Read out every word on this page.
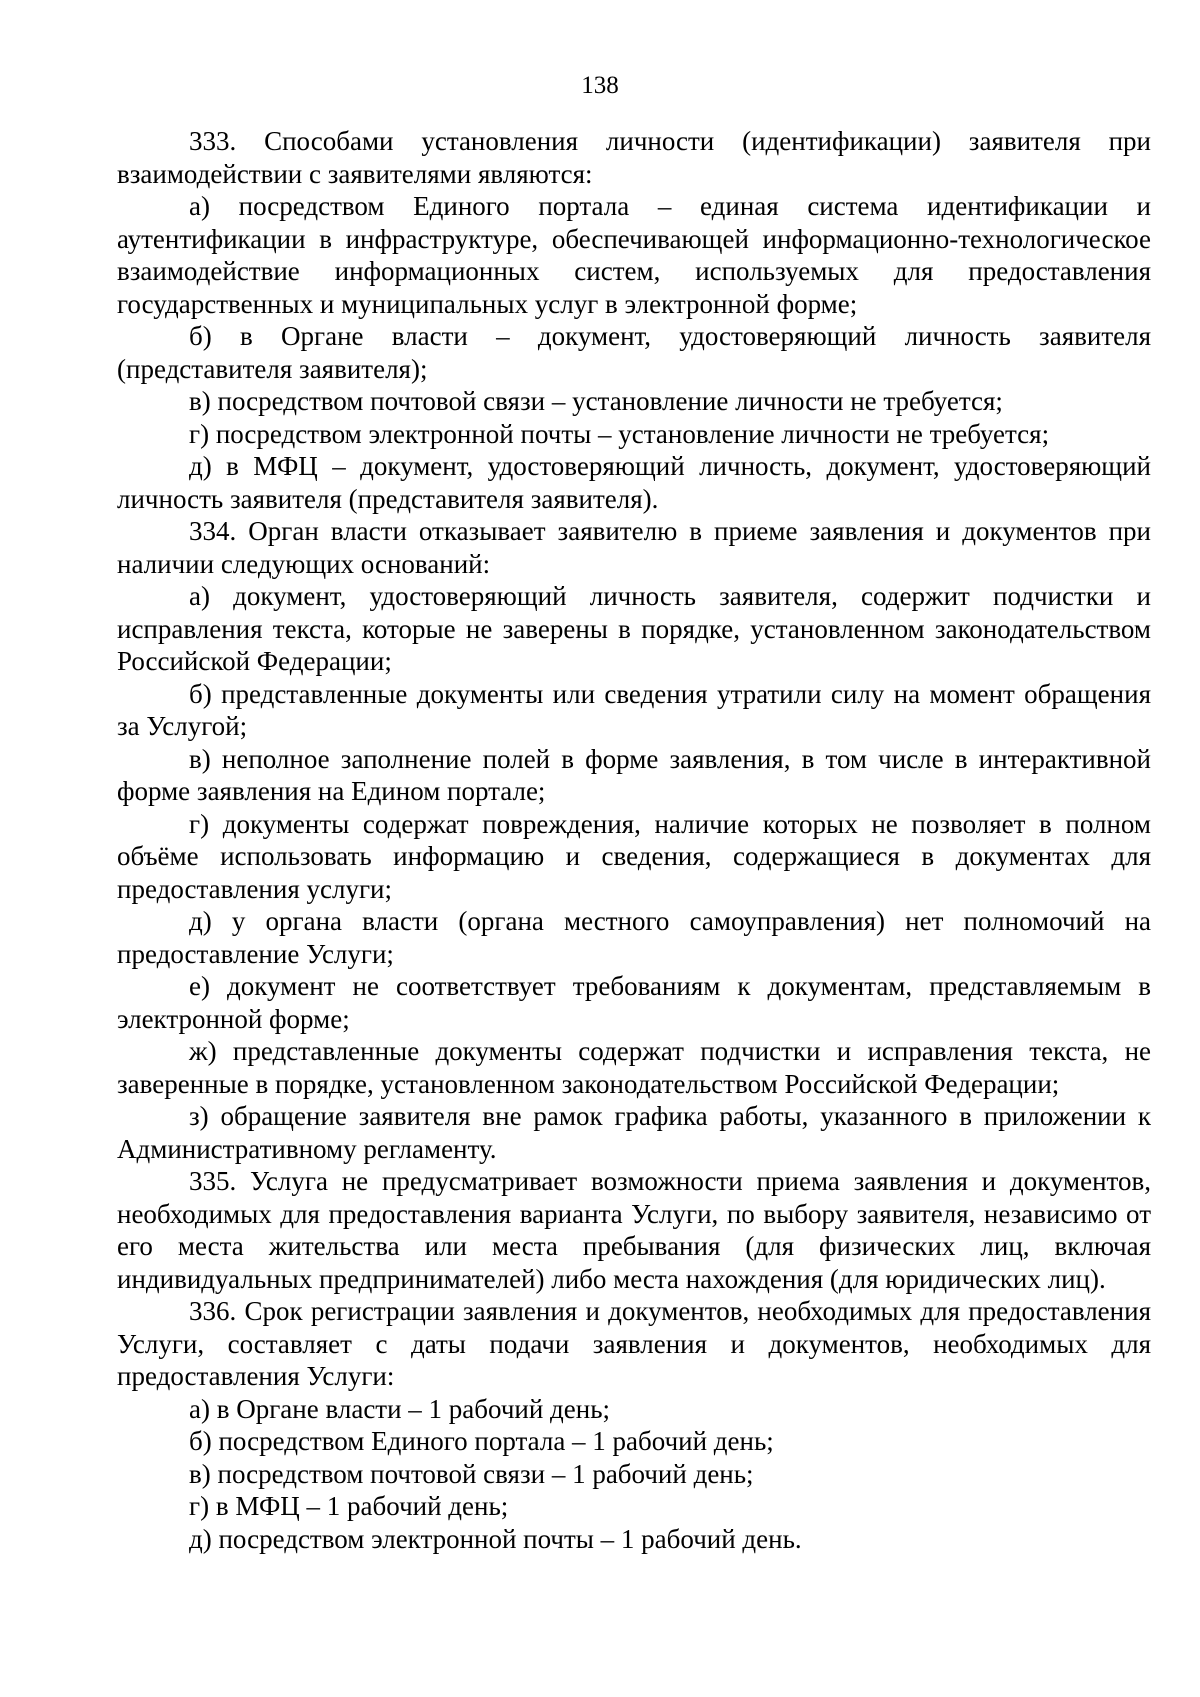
138

333. Способами установления личности (идентификации) заявителя при взаимодействии с заявителями являются:

а) посредством Единого портала – единая система идентификации и аутентификации в инфраструктуре, обеспечивающей информационно-технологическое взаимодействие информационных систем, используемых для предоставления государственных и муниципальных услуг в электронной форме;

б) в Органе власти – документ, удостоверяющий личность заявителя (представителя заявителя);

в) посредством почтовой связи – установление личности не требуется;

г) посредством электронной почты – установление личности не требуется;

д) в МФЦ – документ, удостоверяющий личность, документ, удостоверяющий личность заявителя (представителя заявителя).

334. Орган власти отказывает заявителю в приеме заявления и документов при наличии следующих оснований:

а) документ, удостоверяющий личность заявителя, содержит подчистки и исправления текста, которые не заверены в порядке, установленном законодательством Российской Федерации;

б) представленные документы или сведения утратили силу на момент обращения за Услугой;

в) неполное заполнение полей в форме заявления, в том числе в интерактивной форме заявления на Едином портале;

г) документы содержат повреждения, наличие которых не позволяет в полном объёме использовать информацию и сведения, содержащиеся в документах для предоставления услуги;

д) у органа власти (органа местного самоуправления) нет полномочий на предоставление Услуги;

е) документ не соответствует требованиям к документам, представляемым в электронной форме;

ж) представленные документы содержат подчистки и исправления текста, не заверенные в порядке, установленном законодательством Российской Федерации;

з) обращение заявителя вне рамок графика работы, указанного в приложении к Административному регламенту.

335. Услуга не предусматривает возможности приема заявления и документов, необходимых для предоставления варианта Услуги, по выбору заявителя, независимо от его места жительства или места пребывания (для физических лиц, включая индивидуальных предпринимателей) либо места нахождения (для юридических лиц).

336. Срок регистрации заявления и документов, необходимых для предоставления Услуги, составляет с даты подачи заявления и документов, необходимых для предоставления Услуги:

а) в Органе власти – 1 рабочий день;

б) посредством Единого портала – 1 рабочий день;

в) посредством почтовой связи – 1 рабочий день;

г) в МФЦ – 1 рабочий день;

д) посредством электронной почты – 1 рабочий день.
